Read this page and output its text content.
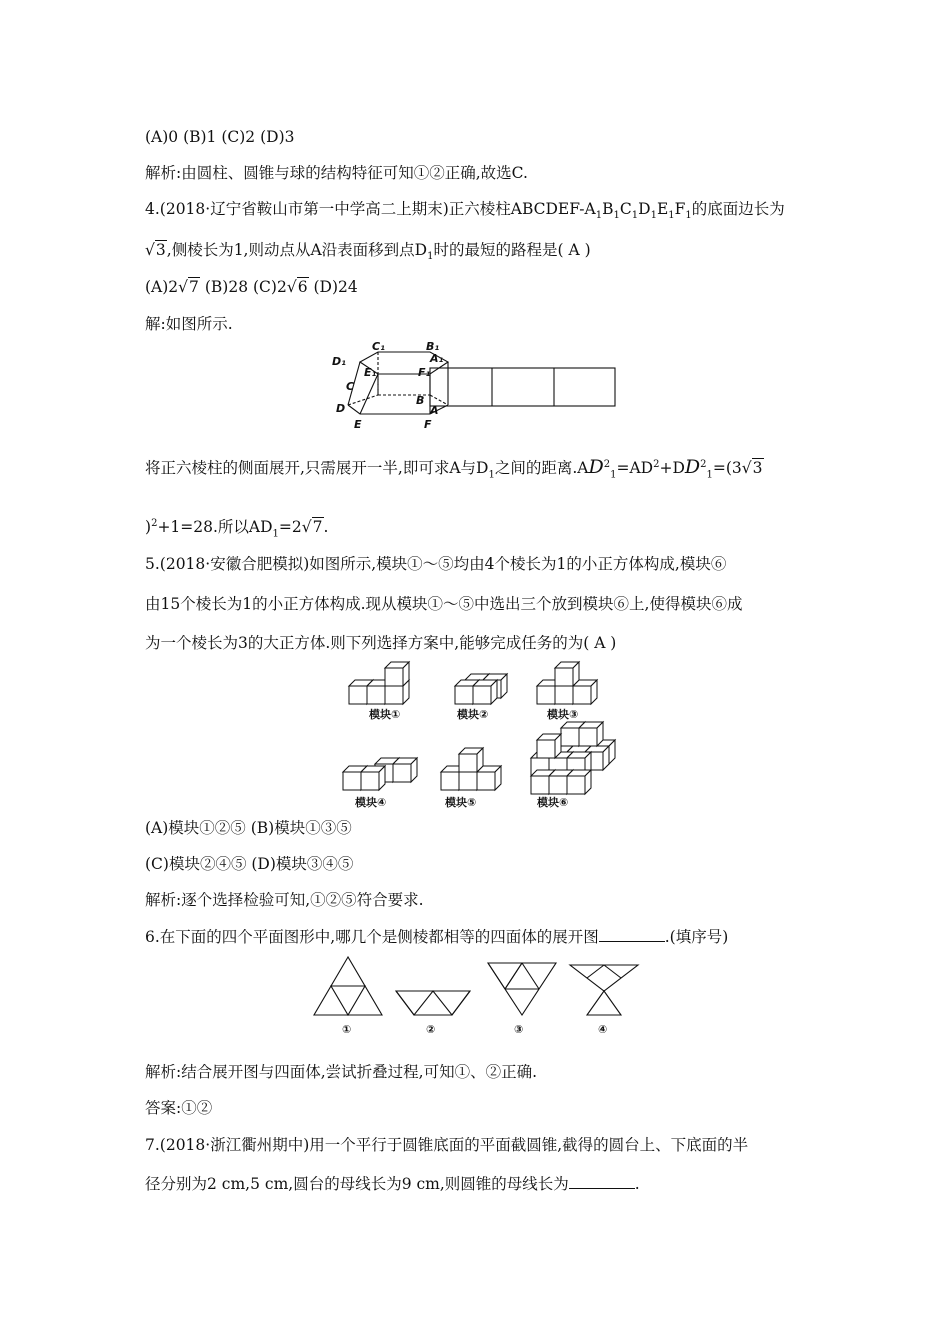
(A)0 (B)1 (C)2 (D)3
解析:由圆柱、圆锥与球的结构特征可知①②正确,故选C.
4.(2018·辽宁省鞍山市第一中学高二上期末)正六棱柱ABCDEF-$A_1B_1C_1D_1E_1F_1$的底面边长为
√3,侧棱长为1,则动点从A沿表面移到点$D_1$时的最短的路程是( A )
(A)2√7 (B)28 (C)2√6 (D)24
解:如图所示.
C₁	B₁
D₁	A₁
E₁	F₁
C
B
D	A
E	F
将正六棱柱的侧面展开,只需展开一半,即可求A与$D_1$之间的距离$.AD^2_1=AD^2+DD^2_1=(3√3$
)$^2$+1=28.所以$AD_1=2√7$.
5.(2018·安徽合肥模拟)如图所示,模块①～⑤均由4个棱长为1的小正方体构成,模块⑥
由15个棱长为1的小正方体构成.现从模块①～⑤中选出三个放到模块⑥上,使得模块⑥成
为一个棱长为3的大正方体.则下列选择方案中,能够完成任务的为( A )
模块①	模块②	模块③
模块④	模块⑤	模块⑥
(A)模块①②⑤ (B)模块①③⑤
(C)模块②④⑤ (D)模块③④⑤
解析:逐个选择检验可知,①②⑤符合要求.
6.在下面的四个平面图形中,哪几个是侧棱都相等的四面体的展开图	.(填序号)
①	②	③	④
解析:结合展开图与四面体,尝试折叠过程,可知①、②正确.
答案:①②
7.(2018·浙江衢州期中)用一个平行于圆锥底面的平面截圆锥,截得的圆台上、下底面的半
径分别为2 cm,5 cm,圆台的母线长为9 cm,则圆锥的母线长为	.
